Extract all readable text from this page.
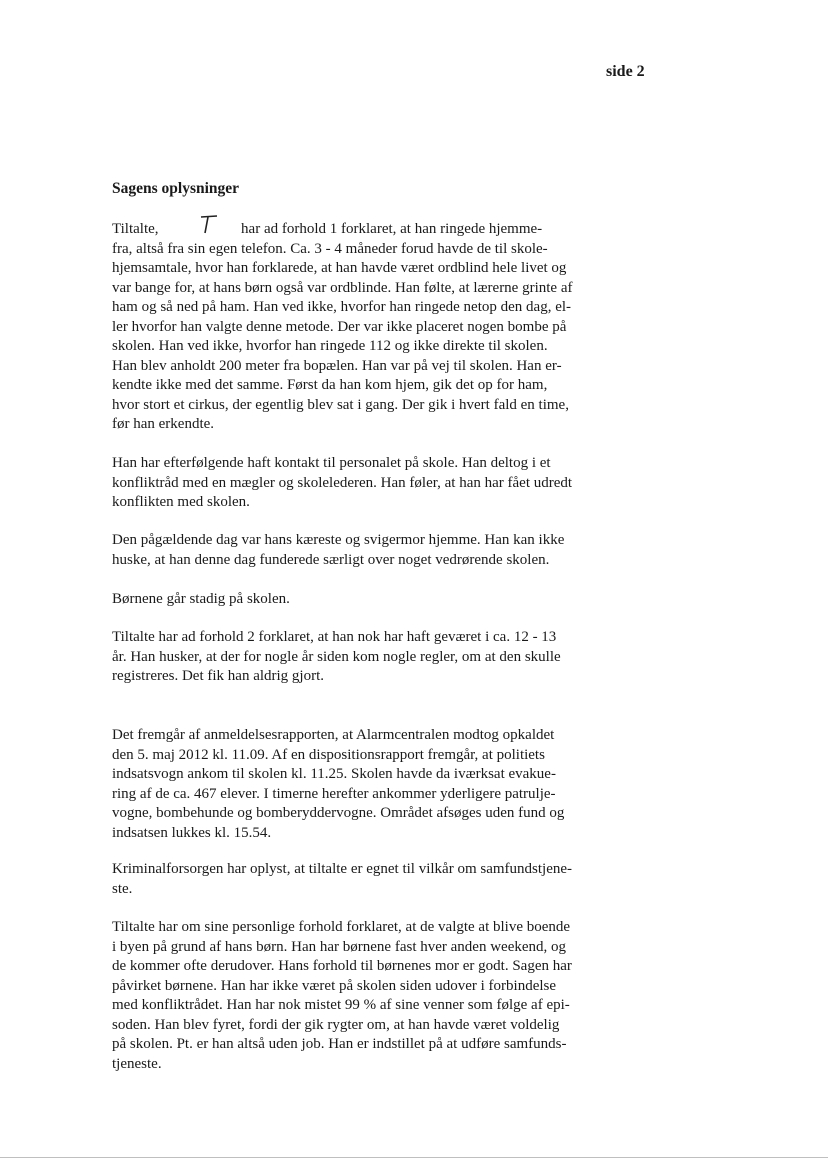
side 2
Sagens oplysninger

Tiltalte,                      har ad forhold 1 forklaret, at han ringede hjemme-
fra, altså fra sin egen telefon. Ca. 3 - 4 måneder forud havde de til skole-
hjemsamtale, hvor han forklarede, at han havde været ordblind hele livet og
var bange for, at hans børn også var ordblinde. Han følte, at lærerne grinte af
ham og så ned på ham. Han ved ikke, hvorfor han ringede netop den dag, el-
ler hvorfor han valgte denne metode. Der var ikke placeret nogen bombe på
skolen. Han ved ikke, hvorfor han ringede 112 og ikke direkte til skolen.
Han blev anholdt 200 meter fra bopælen. Han var på vej til skolen. Han er-
kendte ikke med det samme. Først da han kom hjem, gik det op for ham,
hvor stort et cirkus, der egentlig blev sat i gang. Der gik i hvert fald en time,
før han erkendte.

Han har efterfølgende haft kontakt til personalet på skole. Han deltog i et
konfliktråd med en mægler og skolelederen. Han føler, at han har fået udredt
konflikten med skolen.

Den pågældende dag var hans kæreste og svigermor hjemme. Han kan ikke
huske, at han denne dag funderede særligt over noget vedrørende skolen.

Børnene går stadig på skolen.

Tiltalte har ad forhold 2 forklaret, at han nok har haft geværet i ca. 12 - 13
år. Han husker, at der for nogle år siden kom nogle regler, om at den skulle
registreres. Det fik han aldrig gjort.

Det fremgår af anmeldelsesrapporten, at Alarmcentralen modtog opkaldet
den 5. maj 2012 kl. 11.09. Af en dispositionsrapport fremgår, at politiets
indsatsvogn ankom til skolen kl. 11.25. Skolen havde da iværksat evakue-
ring af de ca. 467 elever. I timerne herefter ankommer yderligere patrulje-
vogne, bombehunde og bomberyddervogne. Området afsøges uden fund og
indsatsen lukkes kl. 15.54.

Kriminalforsorgen har oplyst, at tiltalte er egnet til vilkår om samfundstjene-
ste.

Tiltalte har om sine personlige forhold forklaret, at de valgte at blive boende
i byen på grund af hans børn. Han har børnene fast hver anden weekend, og
de kommer ofte derudover. Hans forhold til børnenes mor er godt. Sagen har
påvirket børnene. Han har ikke været på skolen siden udover i forbindelse
med konfliktrådet. Han har nok mistet 99 % af sine venner som følge af epi-
soden. Han blev fyret, fordi der gik rygter om, at han havde været voldelig
på skolen. Pt. er han altså uden job. Han er indstillet på at udføre samfunds-
tjeneste.
